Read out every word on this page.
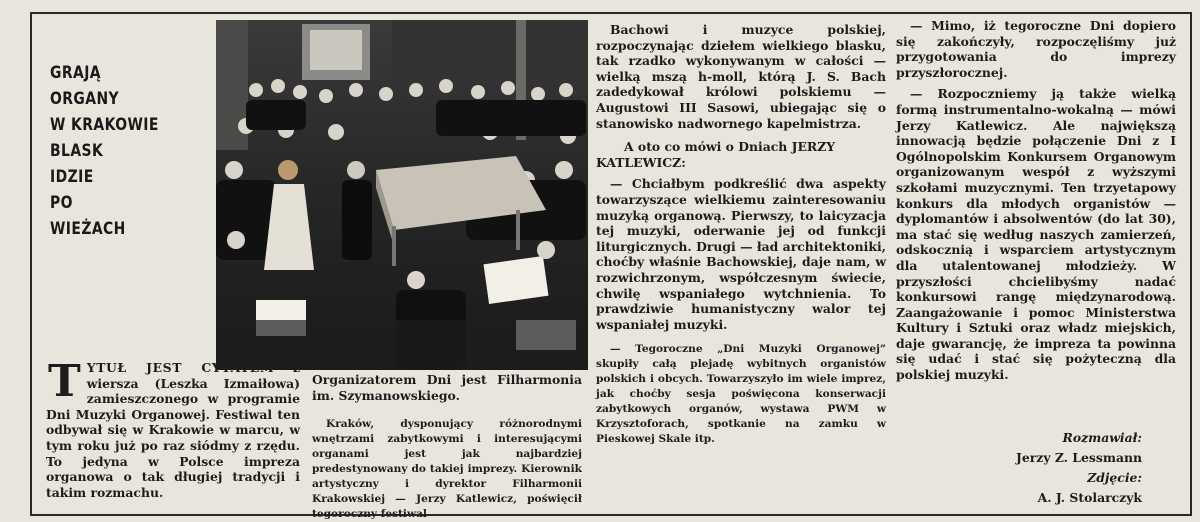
GRAJĄ
ORGANY
W KRAKOWIE
BLASK
IDZIE
PO
WIEŻACH
T YTUŁ JEST CYTATEM z wiersza (Leszka Izmaiłowa) zamieszczonego w programie Dni Muzyki Organowej. Festiwal ten odbywał się w Krakowie w marcu, w tym roku już po raz siódmy z rzędu. To jedyna w Polsce impreza organowa o tak długiej tradycji i takim rozmachu.

Organizatorem Dni jest Filharmonia im. Szymanowskiego.

Kraków, dysponujący różnorodnymi wnętrzami zabytkowymi i interesującymi organami jest jak najbardziej predestynowany do takiej imprezy. Kierownik artystyczny i dyrektor Filharmonii Krakowskiej — Jerzy Katlewicz, poświęcił tegoroczny festiwal

Bachowi i muzyce polskiej, rozpoczynając dziełem wielkiego blasku, tak rzadko wykonywanym w całości — wielką mszą h-moll, którą J. S. Bach zadedykował królowi polskiemu — Augustowi III Sasowi, ubiegając się o stanowisko nadwornego kapelmistrza.

A oto co mówi o Dniach JERZY KATLEWICZ:

— Chciałbym podkreślić dwa aspekty towarzyszące wielkiemu zainteresowaniu muzyką organową. Pierwszy, to laicyzacja tej muzyki, oderwanie jej od funkcji liturgicznych. Drugi — ład architektoniki, choćby właśnie Bachowskiej, daje nam, w rozwichrzonym, współczesnym świecie, chwilę wspaniałego wytchnienia. To prawdziwie humanistyczny walor tej wspaniałej muzyki.

— Tegoroczne „Dni Muzyki Organowej” skupiły całą plejadę wybitnych organistów polskich i obcych. Towarzyszyło im wiele imprez, jak choćby sesja poświęcona konserwacji zabytkowych organów, wystawa PWM w Krzysztoforach, spotkanie na zamku w Pieskowej Skale itp.

— Mimo, iż tegoroczne Dni dopiero się zakończyły, rozpoczęliśmy już przygotowania do imprezy przyszłorocznej.

— Rozpoczniemy ją także wielką formą instrumentalno-wokalną — mówi Jerzy Katlewicz. Ale największą innowacją będzie połączenie Dni z I Ogólnopolskim Konkursem Organowym organizowanym wespół z wyższymi szkołami muzycznymi. Ten trzyetapowy konkurs dla młodych organistów — dyplomantów i absolwentów (do lat 30), ma stać się według naszych zamierzeń, odskocznią i wsparciem artystycznym dla utalentowanej młodzieży. W przyszłości chcielibyśmy nadać konkursowi rangę międzynarodową. Zaangażowanie i pomoc Ministerstwa Kultury i Sztuki oraz władz miejskich, daje gwarancję, że impreza ta powinna się udać i stać się pożyteczną dla polskiej muzyki.

Rozmawiał:
Jerzy Z. Lessmann
Zdjęcie:
A. J. Stolarczyk
